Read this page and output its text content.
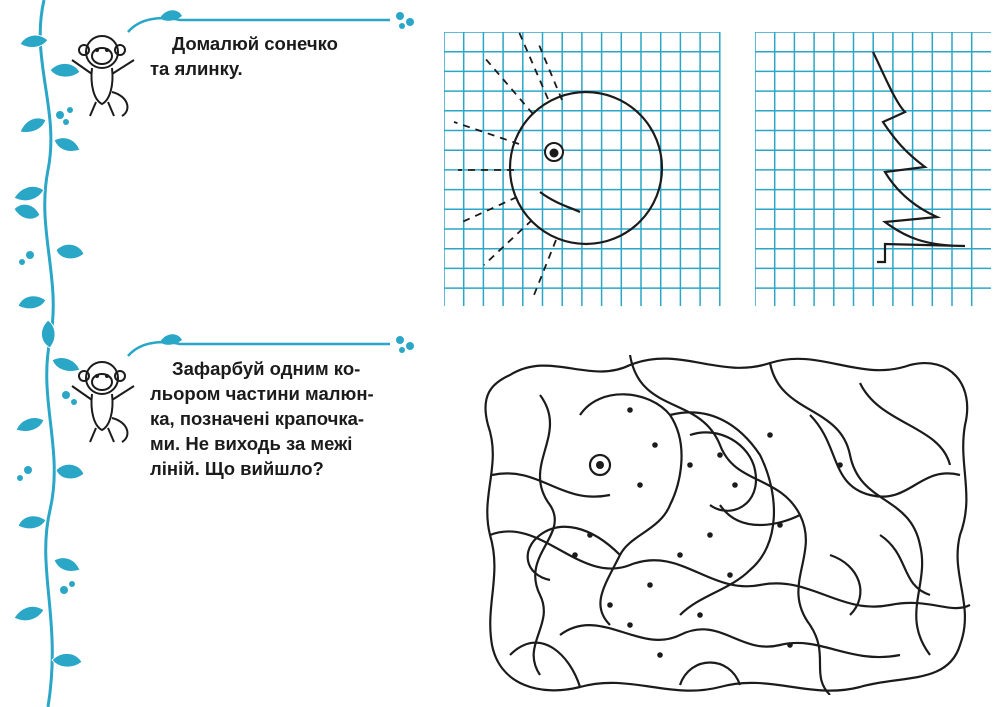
Домалюй сонечко
та ялинку.

Зафарбуй одним ко-
льором частини малюн-
ка, позначені крапочка-
ми. Не виходь за межі
ліній. Що вийшло?
